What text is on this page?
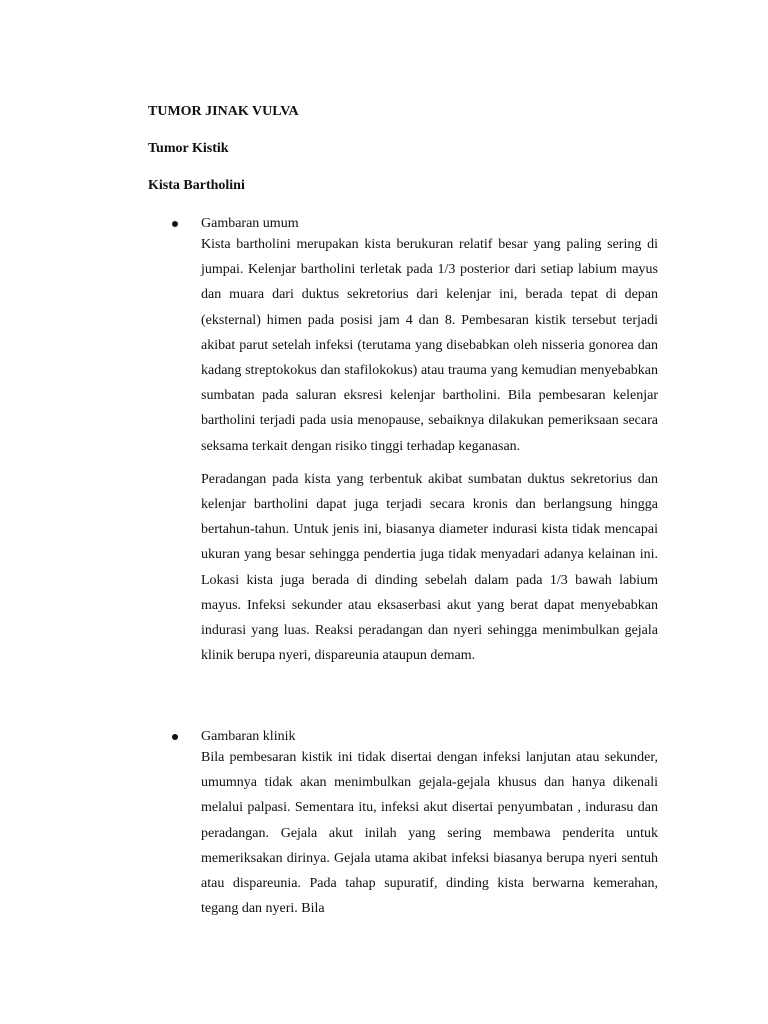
TUMOR JINAK VULVA
Tumor Kistik
Kista Bartholini
Gambaran umum

Kista bartholini merupakan kista berukuran relatif besar yang paling sering di jumpai. Kelenjar bartholini terletak pada 1/3 posterior dari setiap labium mayus dan muara dari duktus sekretorius dari kelenjar ini, berada tepat di depan (eksternal) himen pada posisi jam 4 dan 8. Pembesaran kistik tersebut terjadi akibat parut setelah infeksi (terutama yang disebabkan oleh nisseria gonorea dan kadang streptokokus dan stafilokokus) atau trauma yang kemudian menyebabkan sumbatan pada saluran eksresi kelenjar bartholini. Bila pembesaran kelenjar bartholini terjadi pada usia menopause, sebaiknya dilakukan pemeriksaan secara seksama terkait dengan risiko tinggi terhadap keganasan.

Peradangan pada kista yang terbentuk akibat sumbatan duktus sekretorius dan kelenjar bartholini dapat juga terjadi secara kronis dan berlangsung hingga bertahun-tahun. Untuk jenis ini, biasanya diameter indurasi kista tidak mencapai ukuran yang besar sehingga pendertia juga tidak menyadari adanya kelainan ini. Lokasi kista juga berada di dinding sebelah dalam pada 1/3 bawah labium mayus. Infeksi sekunder atau eksaserbasi akut yang berat dapat menyebabkan indurasi yang luas. Reaksi peradangan dan nyeri sehingga menimbulkan gejala klinik berupa nyeri, dispareunia ataupun demam.

Gambaran klinik

Bila pembesaran kistik ini tidak disertai dengan infeksi lanjutan atau sekunder, umumnya tidak akan menimbulkan gejala-gejala khusus dan hanya dikenali melalui palpasi. Sementara itu, infeksi akut disertai penyumbatan , indurasu dan peradangan. Gejala akut inilah yang sering membawa penderita untuk memeriksakan dirinya. Gejala utama akibat infeksi biasanya berupa nyeri sentuh atau dispareunia. Pada tahap supuratif, dinding kista berwarna kemerahan, tegang dan nyeri. Bila
